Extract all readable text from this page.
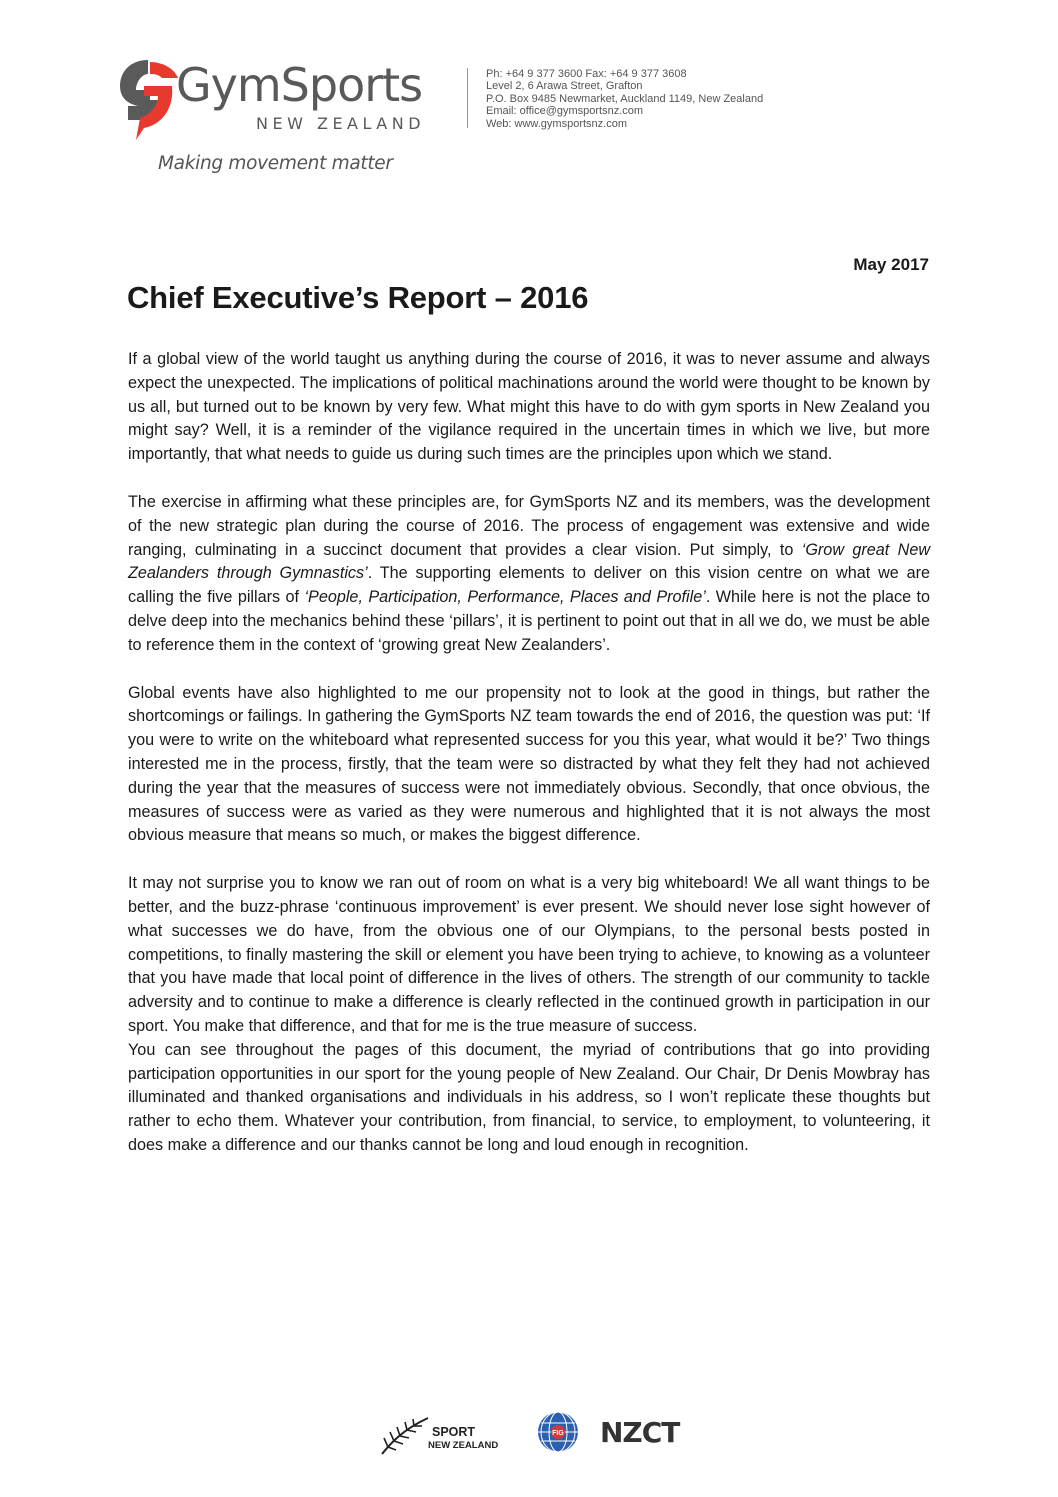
GymSports
NEW ZEALAND
Making movement matter
Ph: +64 9 377 3600 Fax: +64 9 377 3608
Level 2, 6 Arawa Street, Grafton
P.O. Box 9485 Newmarket, Auckland 1149, New Zealand
Email: office@gymsportsnz.com
Web: www.gymsportsnz.com
May 2017
Chief Executive’s Report – 2016

If a global view of the world taught us anything during the course of 2016, it was to never assume and always expect the unexpected. The implications of political machinations around the world were thought to be known by us all, but turned out to be known by very few. What might this have to do with gym sports in New Zealand you might say? Well, it is a reminder of the vigilance required in the uncertain times in which we live, but more importantly, that what needs to guide us during such times are the principles upon which we stand.

The exercise in affirming what these principles are, for GymSports NZ and its members, was the development of the new strategic plan during the course of 2016. The process of engagement was extensive and wide ranging, culminating in a succinct document that provides a clear vision. Put simply, to ‘Grow great New Zealanders through Gymnastics’. The supporting elements to deliver on this vision centre on what we are calling the five pillars of ‘People, Participation, Performance, Places and Profile’. While here is not the place to delve deep into the mechanics behind these ‘pillars’, it is pertinent to point out that in all we do, we must be able to reference them in the context of ‘growing great New Zealanders’.

Global events have also highlighted to me our propensity not to look at the good in things, but rather the shortcomings or failings. In gathering the GymSports NZ team towards the end of 2016, the question was put: ‘If you were to write on the whiteboard what represented success for you this year, what would it be?’ Two things interested me in the process, firstly, that the team were so distracted by what they felt they had not achieved during the year that the measures of success were not immediately obvious. Secondly, that once obvious, the measures of success were as varied as they were numerous and highlighted that it is not always the most obvious measure that means so much, or makes the biggest difference.

It may not surprise you to know we ran out of room on what is a very big whiteboard! We all want things to be better, and the buzz-phrase ‘continuous improvement’ is ever present. We should never lose sight however of what successes we do have, from the obvious one of our Olympians, to the personal bests posted in competitions, to finally mastering the skill or element you have been trying to achieve, to knowing as a volunteer that you have made that local point of difference in the lives of others. The strength of our community to tackle adversity and to continue to make a difference is clearly reflected in the continued growth in participation in our sport. You make that difference, and that for me is the true measure of success.

You can see throughout the pages of this document, the myriad of contributions that go into providing participation opportunities in our sport for the young people of New Zealand. Our Chair, Dr Denis Mowbray has illuminated and thanked organisations and individuals in his address, so I won’t replicate these thoughts but rather to echo them. Whatever your contribution, from financial, to service, to employment, to volunteering, it does make a difference and our thanks cannot be long and loud enough in recognition.

SPORT
NEW ZEALAND
FIG NZCT
